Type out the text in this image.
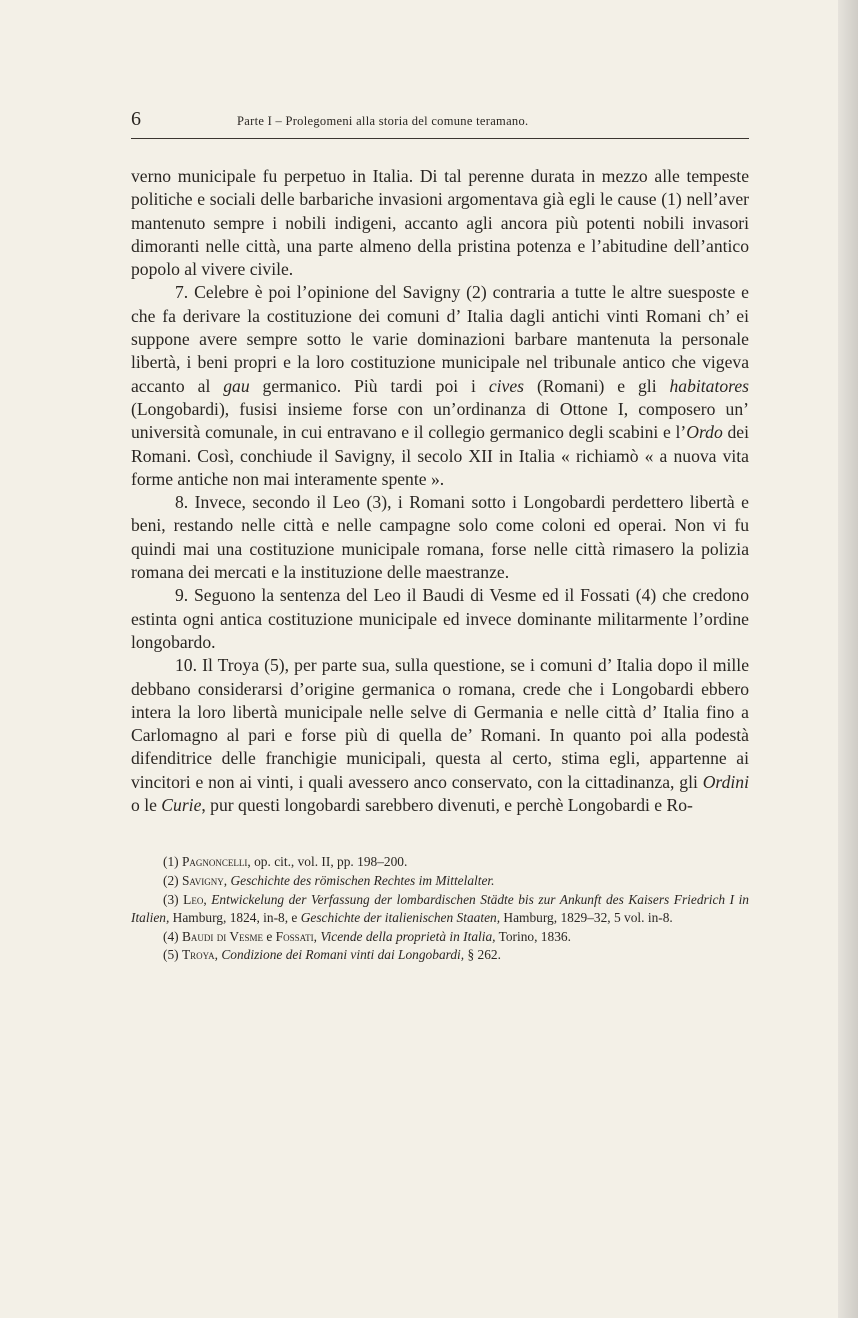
6	Parte I – Prolegomeni alla storia del comune teramano.

verno municipale fu perpetuo in Italia. Di tal perenne durata in mezzo alle tempeste politiche e sociali delle barbariche invasioni argomentava già egli le cause (1) nell’aver mantenuto sempre i nobili indigeni, accanto agli ancora più potenti nobili invasori dimoranti nelle città, una parte almeno della pristina potenza e l’abitudine dell’antico popolo al vivere civile.

7. Celebre è poi l’opinione del Savigny (2) contraria a tutte le altre suesposte e che fa derivare la costituzione dei comuni d’ Italia dagli antichi vinti Romani ch’ ei suppone avere sempre sotto le varie dominazioni barbare mantenuta la personale libertà, i beni propri e la loro costituzione municipale nel tribunale antico che vigeva accanto al gau germanico. Più tardi poi i cives (Romani) e gli habitatores (Longobardi), fusisi insieme forse con un’ordinanza di Ottone I, composero un’ università comunale, in cui entravano e il collegio germanico degli scabini e l’Ordo dei Romani. Così, conchiude il Savigny, il secolo XII in Italia « richiamò « a nuova vita forme antiche non mai interamente spente ».

8. Invece, secondo il Leo (3), i Romani sotto i Longobardi perdettero libertà e beni, restando nelle città e nelle campagne solo come coloni ed operai. Non vi fu quindi mai una costituzione municipale romana, forse nelle città rimasero la polizia romana dei mercati e la instituzione delle maestranze.

9. Seguono la sentenza del Leo il Baudi di Vesme ed il Fossati (4) che credono estinta ogni antica costituzione municipale ed invece dominante militarmente l’ordine longobardo.

10. Il Troya (5), per parte sua, sulla questione, se i comuni d’ Italia dopo il mille debbano considerarsi d’origine germanica o romana, crede che i Longobardi ebbero intera la loro libertà municipale nelle selve di Germania e nelle città d’ Italia fino a Carlomagno al pari e forse più di quella de’ Romani. In quanto poi alla podestà difenditrice delle franchigie municipali, questa al certo, stima egli, appartenne ai vincitori e non ai vinti, i quali avessero anco conservato, con la cittadinanza, gli Ordini o le Curie, pur questi longobardi sarebbero divenuti, e perchè Longobardi e Ro-

(1) Pagnoncelli, op. cit., vol. II, pp. 198–200.

(2) Savigny, Geschichte des römischen Rechtes im Mittelalter.

(3) Leo, Entwickelung der Verfassung der lombardischen Städte bis zur Ankunft des Kaisers Friedrich I in Italien, Hamburg, 1824, in-8, e Geschichte der italienischen Staaten, Hamburg, 1829–32, 5 vol. in-8.

(4) Baudi di Vesme e Fossati, Vicende della proprietà in Italia, Torino, 1836.

(5) Troya, Condizione dei Romani vinti dai Longobardi, § 262.
